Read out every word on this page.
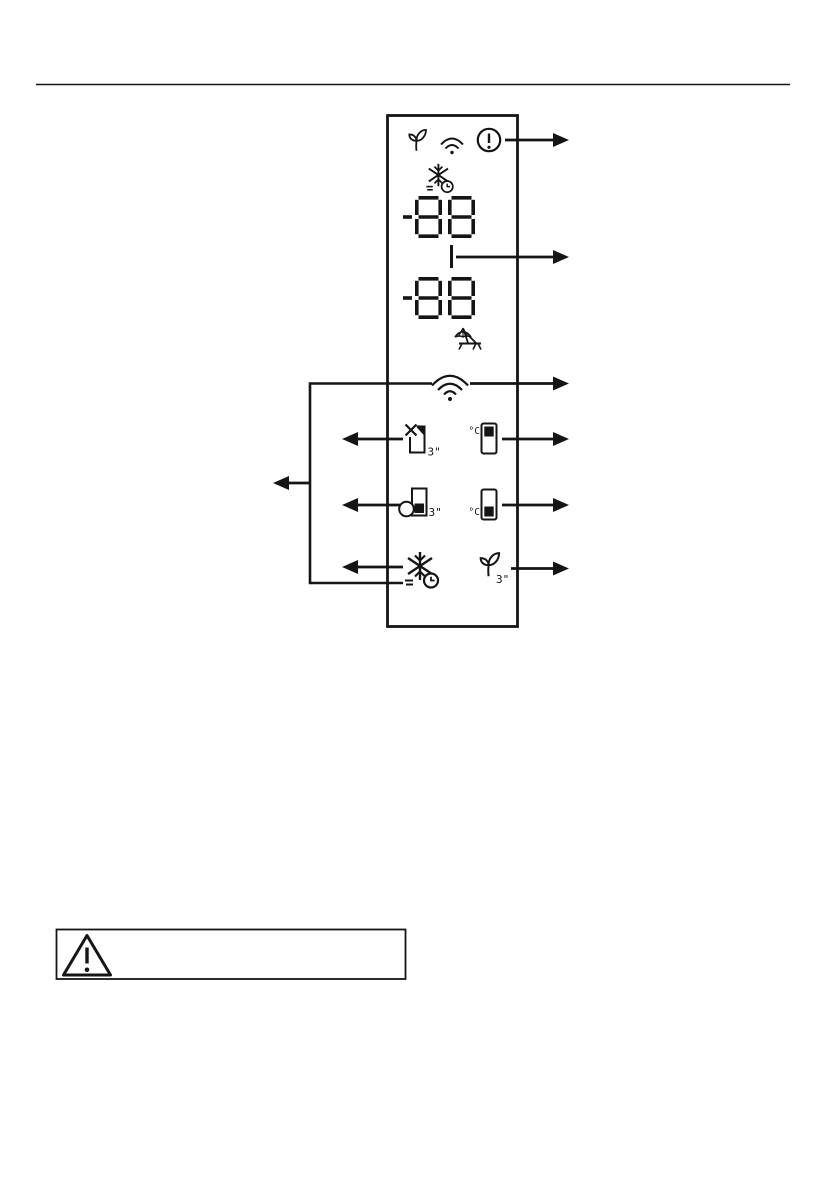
3"
°C
3"	°C
3"
